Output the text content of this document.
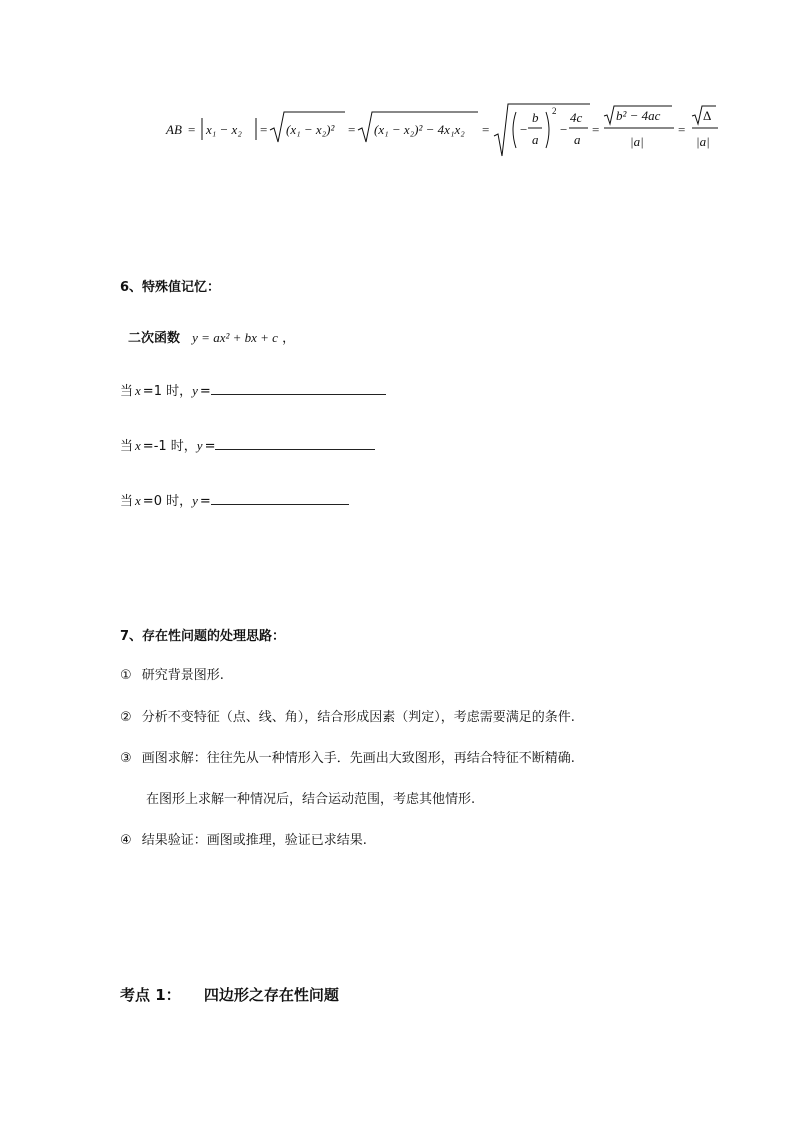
AB = x₁ − x₂ = (x₁ − x₂)² = (x₁ − x₂)² − 4x₁x₂ = −
b
a
2
−
4c
a
=
b² − 4ac
|a|
=
Δ
|a|
6、特殊值记忆：
二次函数 y = ax² + bx + c ，
当 x =1 时，y =
当 x =-1 时，y =
当 x =0 时，y =
7、存在性问题的处理思路：
① 研究背景图形.
② 分析不变特征（点、线、角），结合形成因素（判定），考虑需要满足的条件.
③ 画图求解：往往先从一种情形入手．先画出大致图形，再结合特征不断精确.
在图形上求解一种情况后，结合运动范围，考虑其他情形.
④ 结果验证：画图或推理，验证已求结果.
考点 1： 四边形之存在性问题
